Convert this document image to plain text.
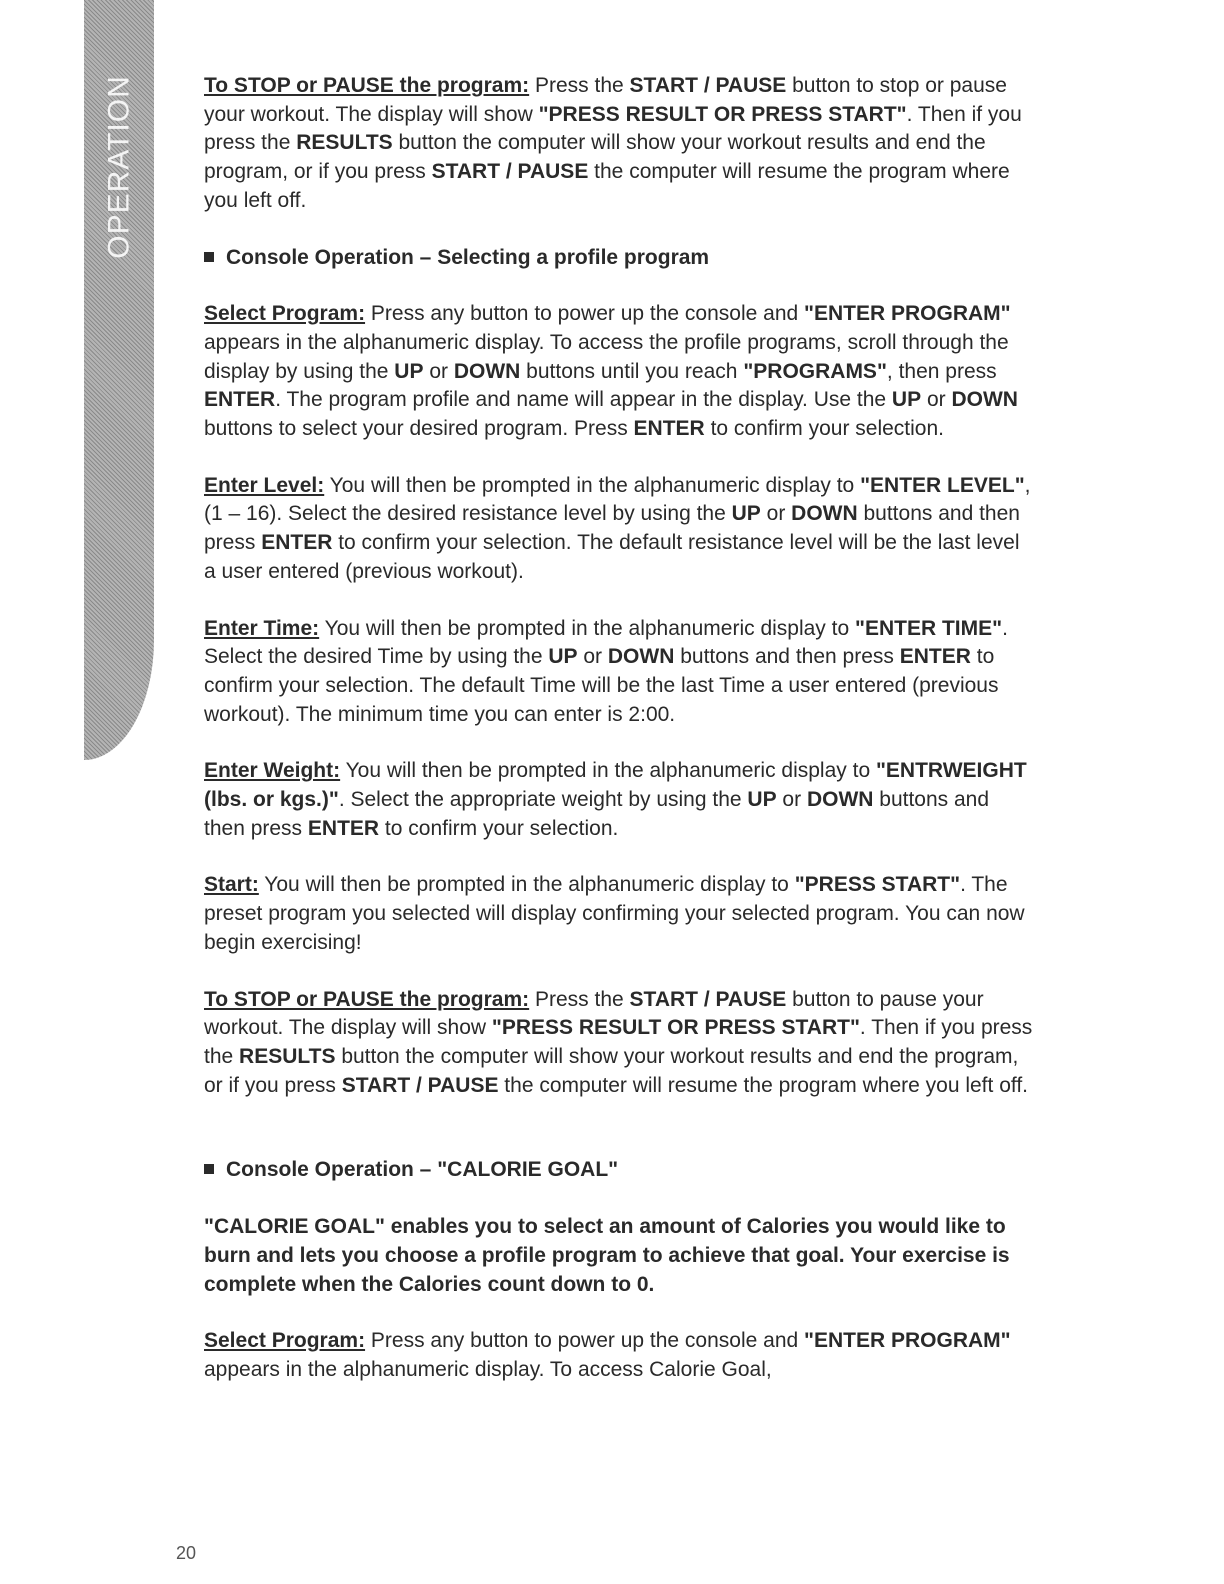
OPERATION	To STOP or PAUSE the program: Press the START / PAUSE button to stop or pause your workout. The display will show "PRESS RESULT OR PRESS START". Then if you press the RESULTS button the computer will show your workout results and end the program, or if you press START / PAUSE the computer will resume the program where you left off.

Console Operation – Selecting a profile program

Select Program: Press any button to power up the console and "ENTER PROGRAM" appears in the alphanumeric display. To access the profile programs, scroll through the display by using the UP or DOWN buttons until you reach "PROGRAMS", then press ENTER. The program profile and name will appear in the display. Use the UP or DOWN buttons to select your desired program. Press ENTER to confirm your selection.

Enter Level: You will then be prompted in the alphanumeric display to "ENTER LEVEL", (1 – 16). Select the desired resistance level by using the UP or DOWN buttons and then press ENTER to confirm your selection. The default resistance level will be the last level a user entered (previous workout).

Enter Time: You will then be prompted in the alphanumeric display to "ENTER TIME". Select the desired Time by using the UP or DOWN buttons and then press ENTER to confirm your selection. The default Time will be the last Time a user entered (previous workout). The minimum time you can enter is 2:00.

Enter Weight: You will then be prompted in the alphanumeric display to "ENTRWEIGHT (lbs. or kgs.)". Select the appropriate weight by using the UP or DOWN buttons and then press ENTER to confirm your selection.

Start: You will then be prompted in the alphanumeric display to "PRESS START". The preset program you selected will display confirming your selected program. You can now begin exercising!

To STOP or PAUSE the program: Press the START / PAUSE button to pause your workout. The display will show "PRESS RESULT OR PRESS START". Then if you press the RESULTS button the computer will show your workout results and end the program, or if you press START / PAUSE the computer will resume the program where you left off.

Console Operation – "CALORIE GOAL"

"CALORIE GOAL" enables you to select an amount of Calories you would like to burn and lets you choose a profile program to achieve that goal. Your exercise is complete when the Calories count down to 0.

Select Program: Press any button to power up the console and "ENTER PROGRAM" appears in the alphanumeric display. To access Calorie Goal,

20
